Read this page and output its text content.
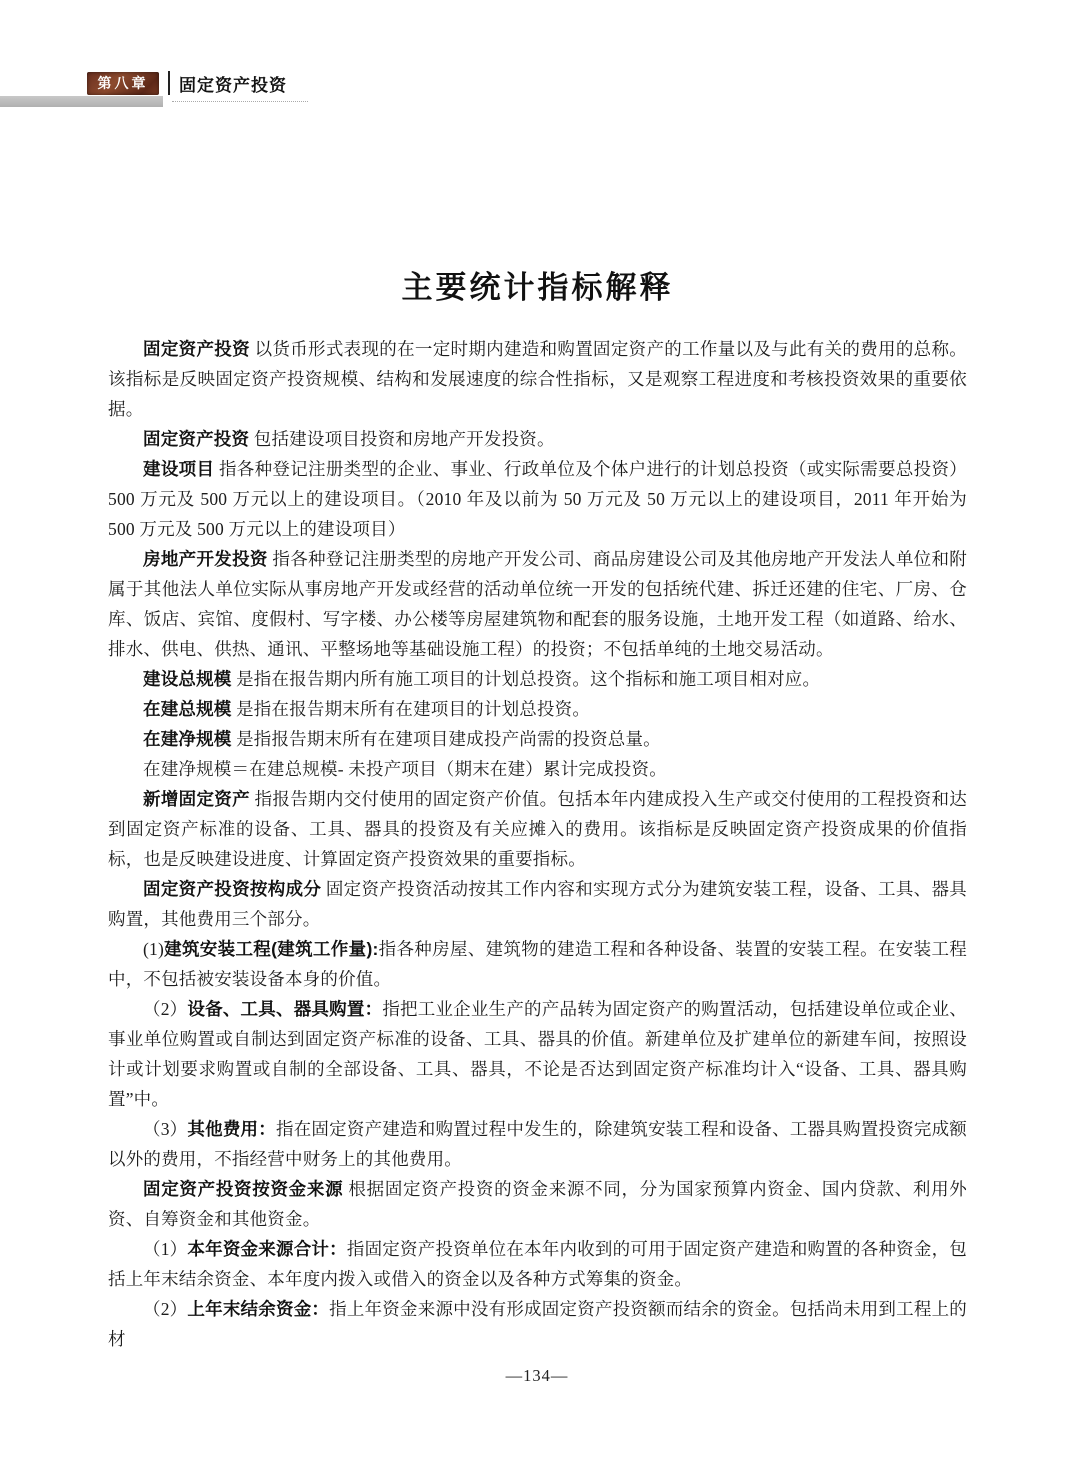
第八章	固定资产投资
主要统计指标解释

固定资产投资 以货币形式表现的在一定时期内建造和购置固定资产的工作量以及与此有关的费用的总称。该指标是反映固定资产投资规模、结构和发展速度的综合性指标，又是观察工程进度和考核投资效果的重要依据。

固定资产投资 包括建设项目投资和房地产开发投资。

建设项目 指各种登记注册类型的企业、事业、行政单位及个体户进行的计划总投资（或实际需要总投资）500 万元及 500 万元以上的建设项目。（2010 年及以前为 50 万元及 50 万元以上的建设项目，2011 年开始为 500 万元及 500 万元以上的建设项目）

房地产开发投资 指各种登记注册类型的房地产开发公司、商品房建设公司及其他房地产开发法人单位和附属于其他法人单位实际从事房地产开发或经营的活动单位统一开发的包括统代建、拆迁还建的住宅、厂房、仓库、饭店、宾馆、度假村、写字楼、办公楼等房屋建筑物和配套的服务设施，土地开发工程（如道路、给水、排水、供电、供热、通讯、平整场地等基础设施工程）的投资；不包括单纯的土地交易活动。

建设总规模 是指在报告期内所有施工项目的计划总投资。这个指标和施工项目相对应。

在建总规模 是指在报告期末所有在建项目的计划总投资。

在建净规模 是指报告期末所有在建项目建成投产尚需的投资总量。

在建净规模＝在建总规模- 未投产项目（期末在建）累计完成投资。

新增固定资产 指报告期内交付使用的固定资产价值。包括本年内建成投入生产或交付使用的工程投资和达到固定资产标准的设备、工具、器具的投资及有关应摊入的费用。该指标是反映固定资产投资成果的价值指标，也是反映建设进度、计算固定资产投资效果的重要指标。

固定资产投资按构成分 固定资产投资活动按其工作内容和实现方式分为建筑安装工程，设备、工具、器具购置，其他费用三个部分。

(1)建筑安装工程(建筑工作量):指各种房屋、建筑物的建造工程和各种设备、装置的安装工程。在安装工程中，不包括被安装设备本身的价值。

（2）设备、工具、器具购置：指把工业企业生产的产品转为固定资产的购置活动，包括建设单位或企业、事业单位购置或自制达到固定资产标准的设备、工具、器具的价值。新建单位及扩建单位的新建车间，按照设计或计划要求购置或自制的全部设备、工具、器具，不论是否达到固定资产标准均计入“设备、工具、器具购置”中。

（3）其他费用：指在固定资产建造和购置过程中发生的，除建筑安装工程和设备、工器具购置投资完成额以外的费用，不指经营中财务上的其他费用。

固定资产投资按资金来源 根据固定资产投资的资金来源不同，分为国家预算内资金、国内贷款、利用外资、自筹资金和其他资金。

（1）本年资金来源合计：指固定资产投资单位在本年内收到的可用于固定资产建造和购置的各种资金，包括上年末结余资金、本年度内拨入或借入的资金以及各种方式筹集的资金。

（2）上年末结余资金：指上年资金来源中没有形成固定资产投资额而结余的资金。包括尚未用到工程上的材

—134—
